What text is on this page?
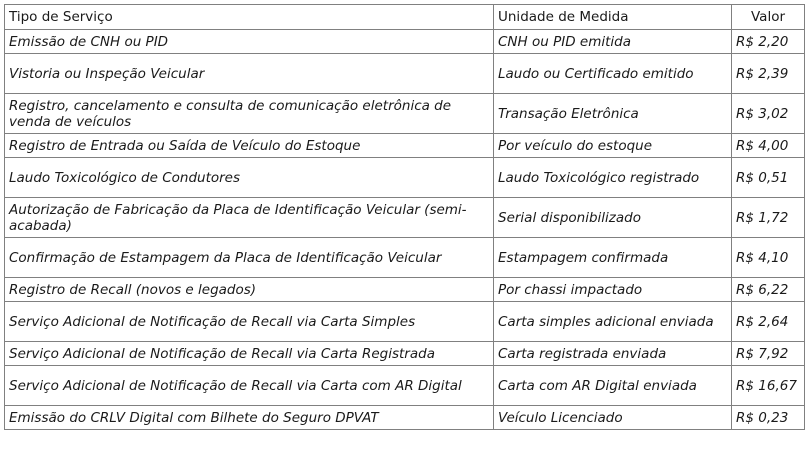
Tipo de Serviço	Unidade de Medida	Valor
Emissão de CNH ou PID	CNH ou PID emitida	R$ 2,20
Vistoria ou Inspeção Veicular	Laudo ou Certificado emitido	R$ 2,39
Registro, cancelamento e consulta de comunicação eletrônica de venda de veículos	Transação Eletrônica	R$ 3,02
Registro de Entrada ou Saída de Veículo do Estoque	Por veículo do estoque	R$ 4,00
Laudo Toxicológico de Condutores	Laudo Toxicológico registrado	R$ 0,51
Autorização de Fabricação da Placa de Identificação Veicular (semi-acabada)	Serial disponibilizado	R$ 1,72
Confirmação de Estampagem da Placa de Identificação Veicular	Estampagem confirmada	R$ 4,10
Registro de Recall (novos e legados)	Por chassi impactado	R$ 6,22
Serviço Adicional de Notificação de Recall via Carta Simples	Carta simples adicional enviada	R$ 2,64
Serviço Adicional de Notificação de Recall via Carta Registrada	Carta registrada enviada	R$ 7,92
Serviço Adicional de Notificação de Recall via Carta com AR Digital	Carta com AR Digital enviada	R$ 16,67
Emissão do CRLV Digital com Bilhete do Seguro DPVAT	Veículo Licenciado	R$ 0,23
